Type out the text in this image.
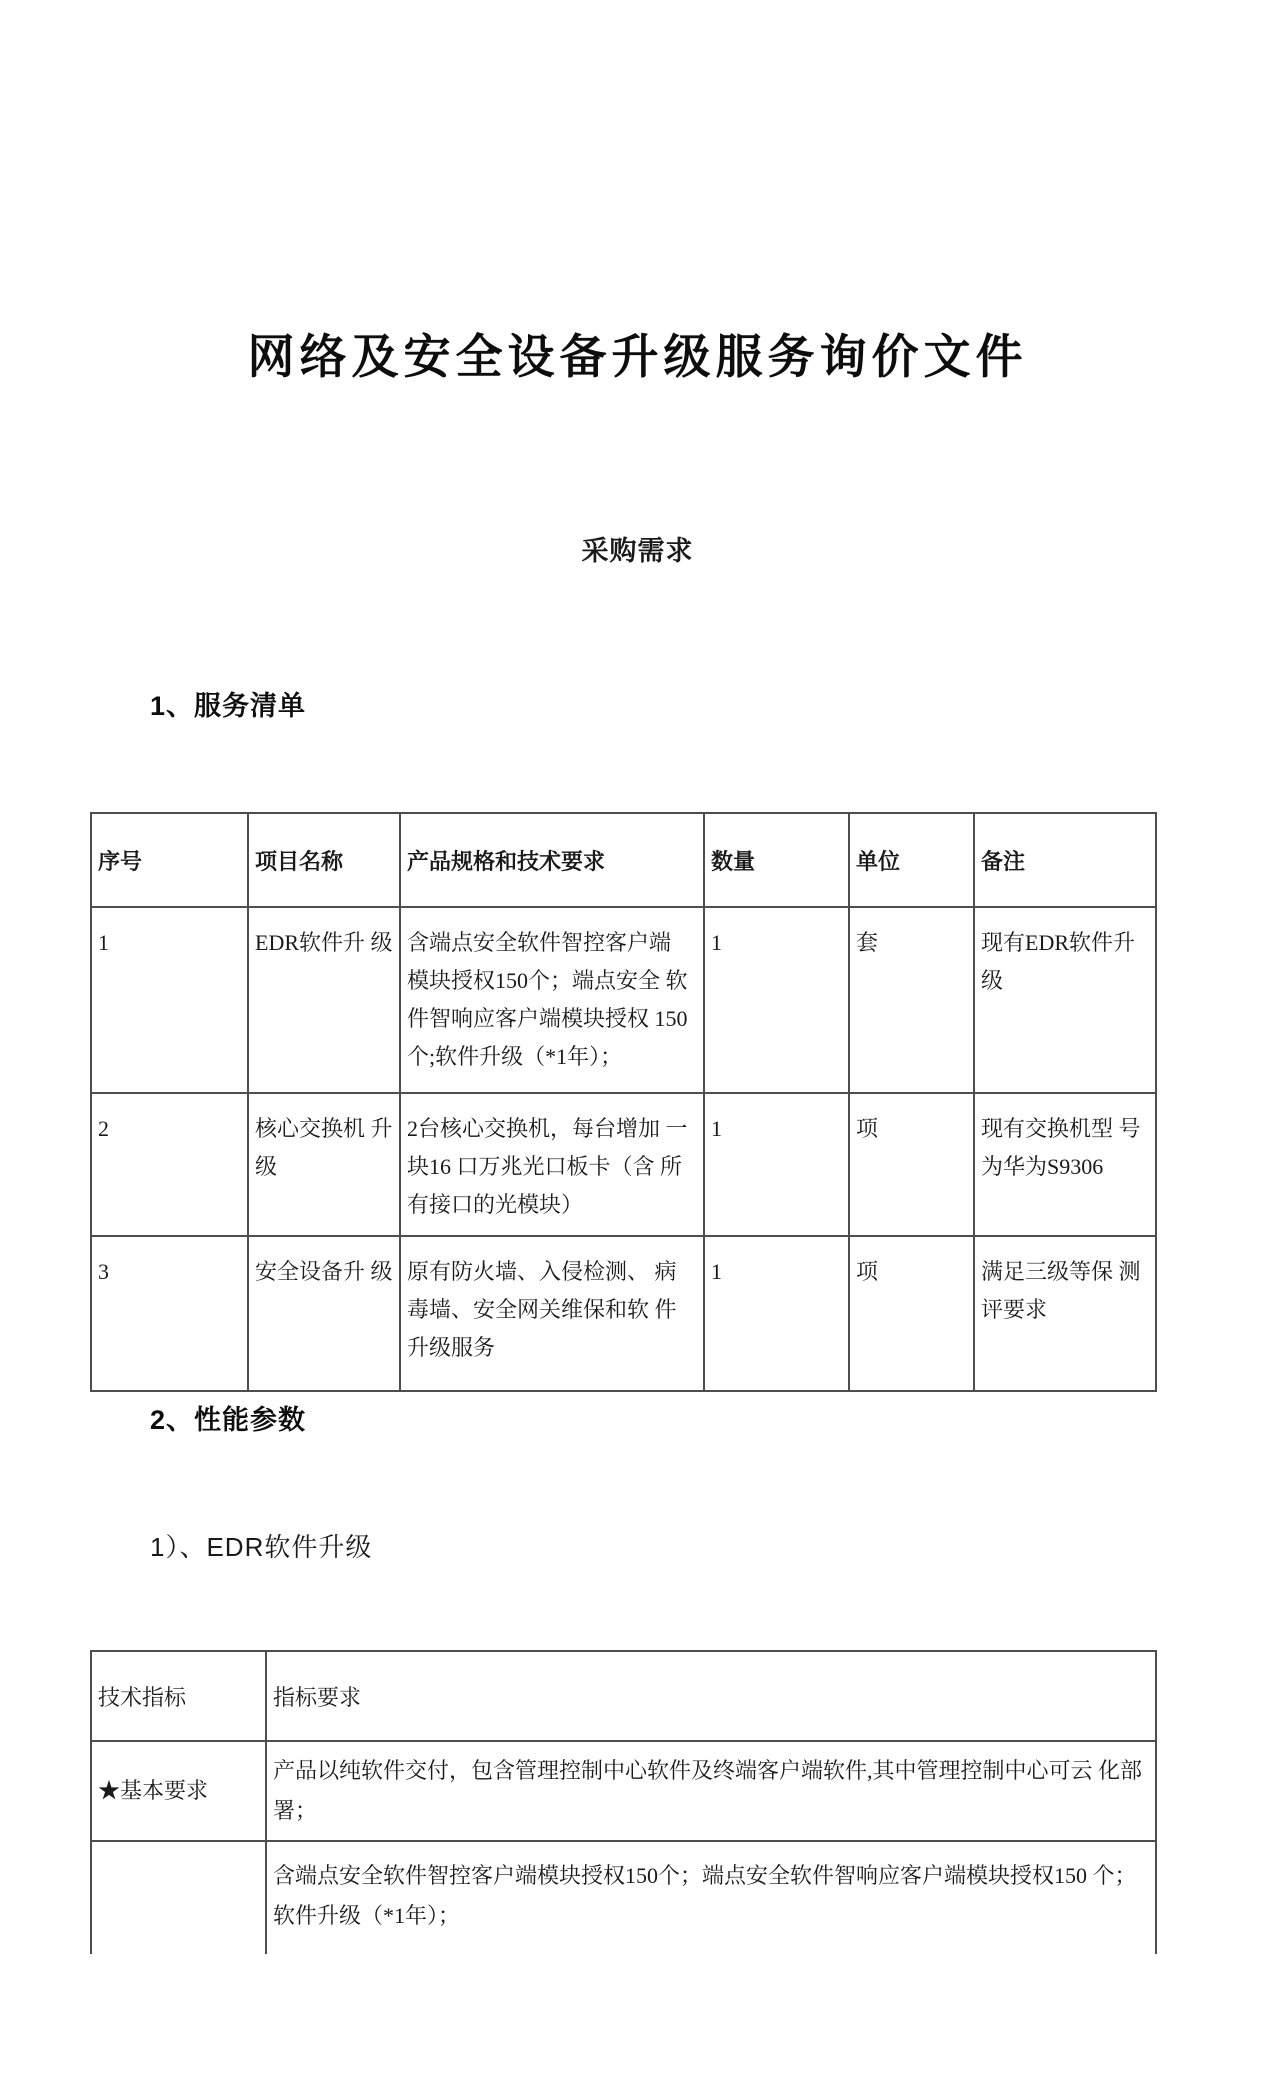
网络及安全设备升级服务询价文件
采购需求
1、服务清单
序号	项目名称	产品规格和技术要求	数量	单位	备注
1	EDR软件升 级	含端点安全软件智控客户端 模块授权150个；端点安全 软件智响应客户端模块授权 150个;软件升级（*1年）；	1	套	现有EDR软件升 级
2	核心交换机 升级	2台核心交换机，每台增加 一块16 口万兆光口板卡（含 所有接口的光模块）	1	项	现有交换机型 号为华为S9306
3	安全设备升 级	原有防火墙、入侵检测、 病毒墙、安全网关维保和软 件升级服务	1	项	满足三级等保 测评要求
2、性能参数
1）、EDR软件升级
技术指标	指标要求
★基本要求	产品以纯软件交付，包含管理控制中心软件及终端客户端软件,其中管理控制中心可云 化部署；
	含端点安全软件智控客户端模块授权150个；端点安全软件智响应客户端模块授权150 个；软件升级（*1年）；
